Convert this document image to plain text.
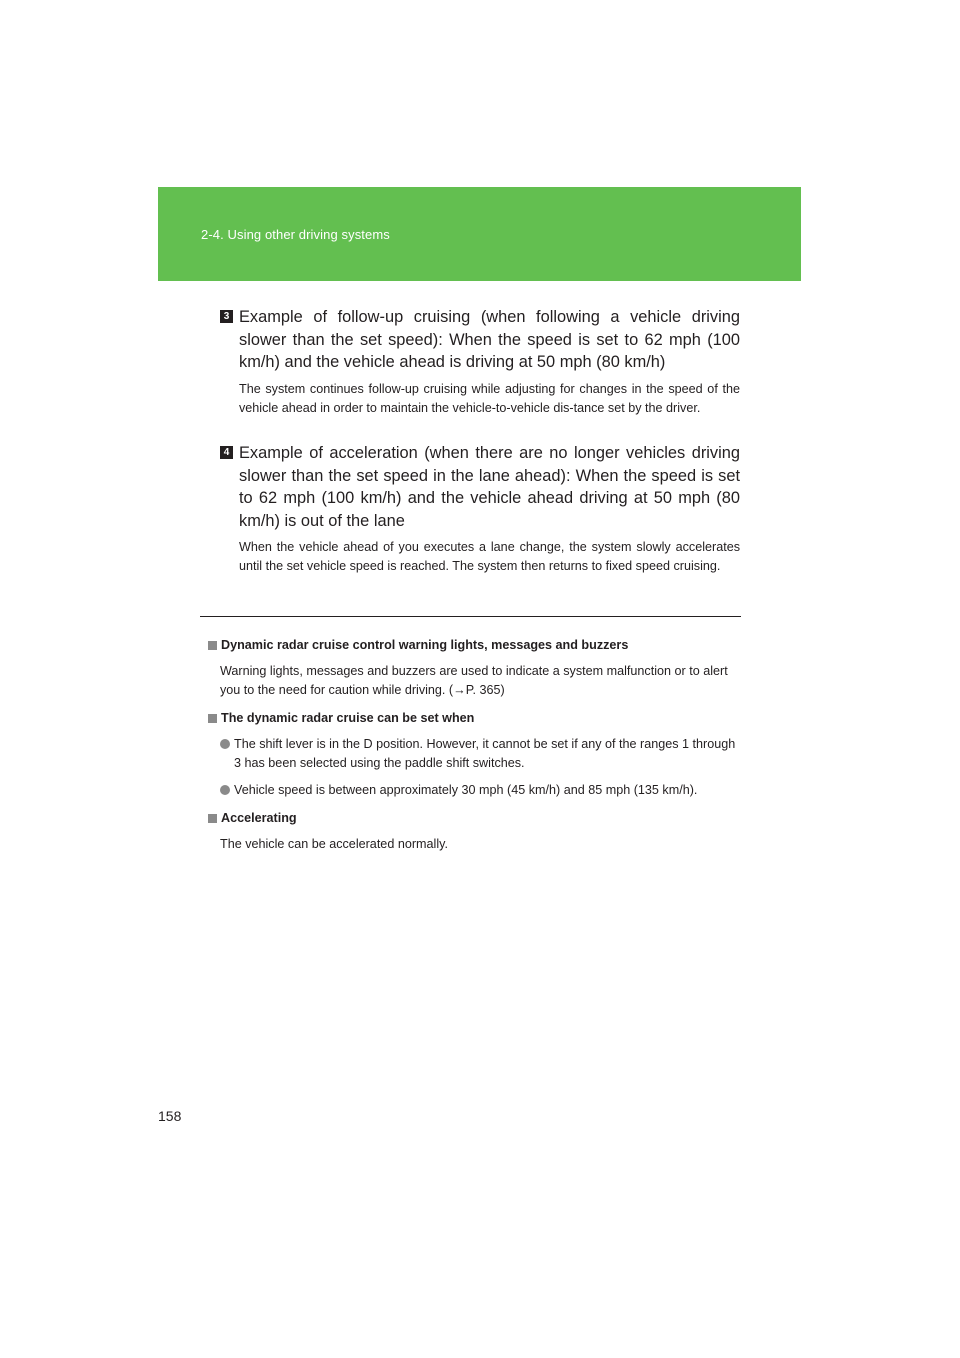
2-4. Using other driving systems
3 Example of follow-up cruising (when following a vehicle driving slower than the set speed): When the speed is set to 62 mph (100 km/h) and the vehicle ahead is driving at 50 mph (80 km/h)

The system continues follow-up cruising while adjusting for changes in the speed of the vehicle ahead in order to maintain the vehicle-to-vehicle dis-tance set by the driver.

4 Example of acceleration (when there are no longer vehicles driving slower than the set speed in the lane ahead): When the speed is set to 62 mph (100 km/h) and the vehicle ahead driving at 50 mph (80 km/h) is out of the lane

When the vehicle ahead of you executes a lane change, the system slowly accelerates until the set vehicle speed is reached. The system then returns to fixed speed cruising.

Dynamic radar cruise control warning lights, messages and buzzers

Warning lights, messages and buzzers are used to indicate a system malfunction or to alert you to the need for caution while driving. (→P. 365)

The dynamic radar cruise can be set when

The shift lever is in the D position. However, it cannot be set if any of the ranges 1 through 3 has been selected using the paddle shift switches.
Vehicle speed is between approximately 30 mph (45 km/h) and 85 mph (135 km/h).

Accelerating

The vehicle can be accelerated normally.

158
